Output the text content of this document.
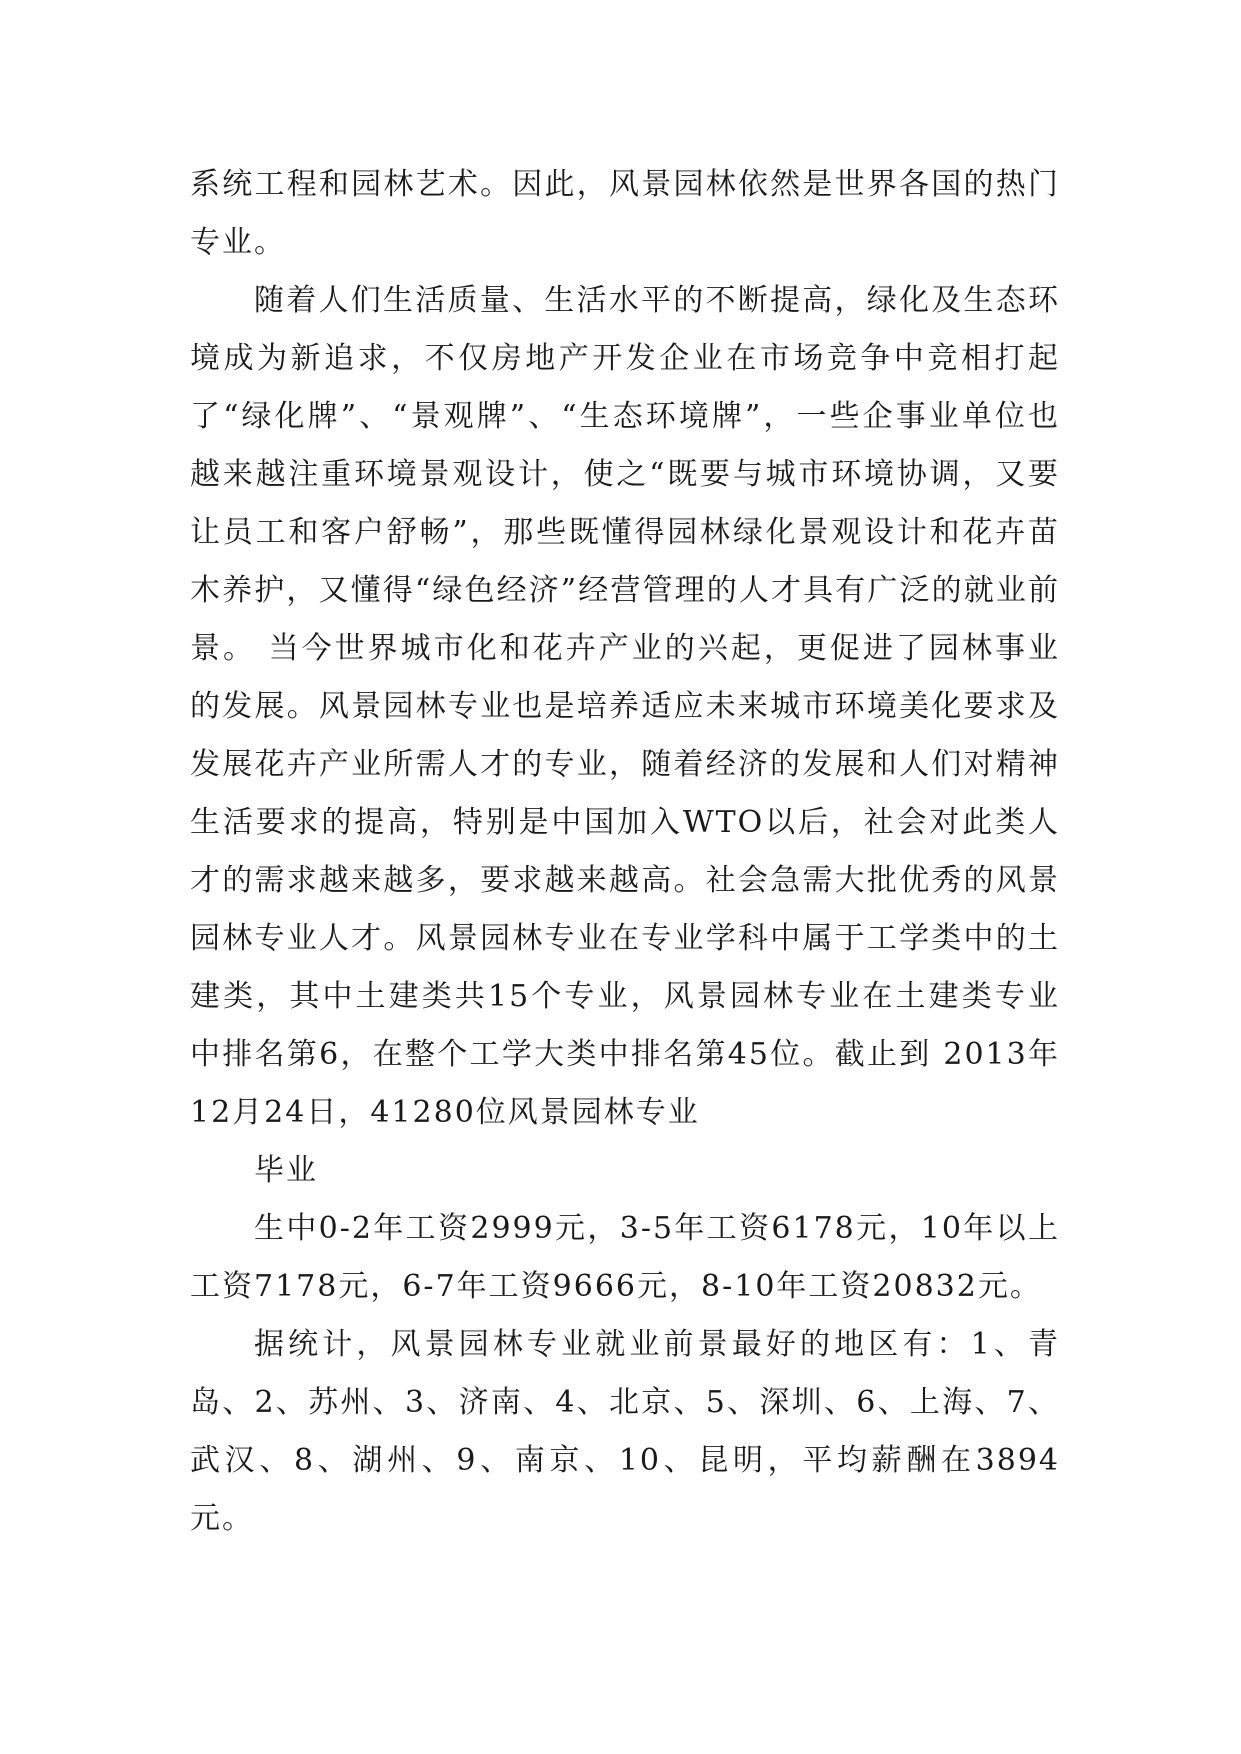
系统工程和园林艺术。因此，风景园林依然是世界各国的热门专业。

随着人们生活质量、生活水平的不断提高，绿化及生态环境成为新追求，不仅房地产开发企业在市场竞争中竞相打起了“绿化牌”、“景观牌”、“生态环境牌”，一些企事业单位也越来越注重环境景观设计，使之“既要与城市环境协调，又要让员工和客户舒畅”，那些既懂得园林绿化景观设计和花卉苗木养护，又懂得“绿色经济”经营管理的人才具有广泛的就业前景。 当今世界城市化和花卉产业的兴起，更促进了园林事业的发展。风景园林专业也是培养适应未来城市环境美化要求及发展花卉产业所需人才的专业，随着经济的发展和人们对精神生活要求的提高，特别是中国加入WTO以后，社会对此类人才的需求越来越多，要求越来越高。社会急需大批优秀的风景园林专业人才。风景园林专业在专业学科中属于工学类中的土建类，其中土建类共15个专业，风景园林专业在土建类专业中排名第6，在整个工学大类中排名第45位。截止到 2013年12月24日，41280位风景园林专业

毕业

生中0-2年工资2999元，3-5年工资6178元，10年以上工资7178元，6-7年工资9666元，8-10年工资20832元。

据统计，风景园林专业就业前景最好的地区有：1、青岛、2、苏州、3、济南、4、北京、5、深圳、6、上海、7、武汉、8、湖州、9、南京、10、昆明，平均薪酬在3894元。
